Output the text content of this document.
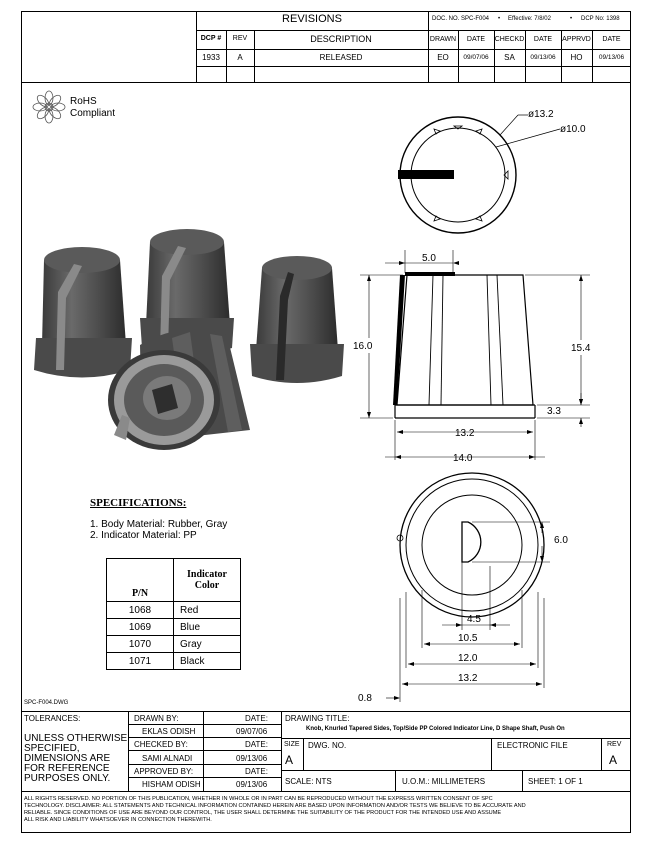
REVISIONS	DOC. NO. SPC-F004 • Effective: 7/8/02	• DCP No: 1398
DCP #	REV	DESCRIPTION	DRAWN	DATE	CHECKD	DATE	APPRVD	DATE
1933	A	RELEASED	EO	09/07/06	SA	09/13/06	HO	09/13/06
RoHS
Compliant	ø13.2
ø10.0
5.0
16.0	15.4
3.3
13.2
14.0
6.0
4.5
10.5
12.0
13.2
0.8
SPECIFICATIONS:
1. Body Material: Rubber, Gray
2. Indicator Material: PP
P/N	Indicator
Color

1068	Red
1069	Blue
1070	Gray
1071	Black
SPC-F004.DWG
TOLERANCES:
UNLESS OTHERWISE
SPECIFIED,
DIMENSIONS ARE
FOR REFERENCE
PURPOSES ONLY.
DRAWN BY:	DATE:
EKLAS ODISH	09/07/06
CHECKED BY:	DATE:
SAMI ALNADI	09/13/06
APPROVED BY:	DATE:
HISHAM ODISH	09/13/06
DRAWING TITLE:
Knob, Knurled Tapered Sides, Top/Side PP Colored Indicator Line, D Shape Shaft, Push On
SIZE
A
DWG. NO.	ELECTRONIC FILE	REV
A
SCALE: NTS	U.O.M.: MILLIMETERS	SHEET: 1 OF 1
ALL RIGHTS RESERVED. NO PORTION OF THIS PUBLICATION, WHETHER IN WHOLE OR IN PART CAN BE REPRODUCED WITHOUT THE EXPRESS WRITTEN CONSENT OF SPC
TECHNOLOGY. DISCLAIMER: ALL STATEMENTS AND TECHNICAL INFORMATION CONTAINED HEREIN ARE BASED UPON INFORMATION AND/OR TESTS WE BELIEVE TO BE ACCURATE AND
RELIABLE. SINCE CONDITIONS OF USE ARE BEYOND OUR CONTROL, THE USER SHALL DETERMINE THE SUITABILITY OF THE PRODUCT FOR THE INTENDED USE AND ASSUME
ALL RISK AND LIABILITY WHATSOEVER IN CONNECTION THEREWITH.
